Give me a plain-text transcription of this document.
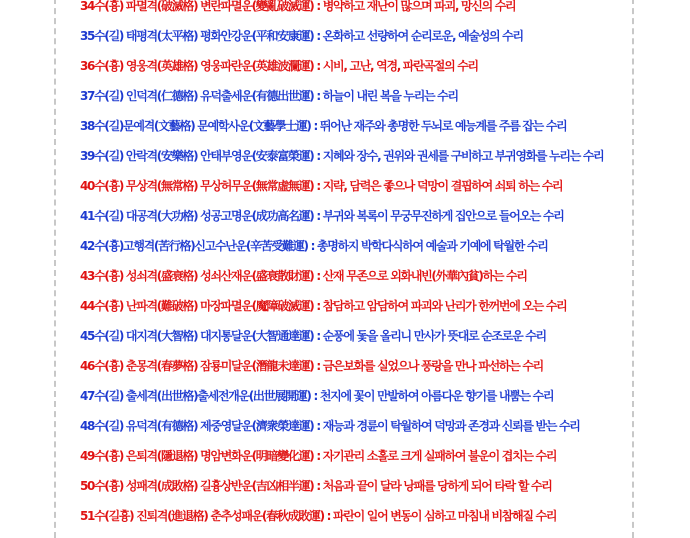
34수(흉) 파멸격(破滅格) 변란파멸운(變亂破滅運) : 병약하고 재난이 많으며 파괴, 망신의 수리
35수(길) 태평격(太平格) 평화안강운(平和安康運) : 온화하고 선량하여 순리로운, 예술성의 수리
36수(흉) 영웅격(英雄格) 영웅파란운(英雄波瀾運) : 시비, 고난, 역경, 파란곡절의 수리
37수(길) 인덕격(仁德格) 유덕출세운(有德出世運) : 하늘이 내린 복을 누리는 수리
38수(길)문예격(文藝格) 문예학사운(文藝學士運) : 뛰어난 재주와 총명한 두뇌로 예능계를 주름 잡는 수리
39수(길) 안락격(安樂格) 안태부영운(安泰富榮運) : 지혜와 장수, 권위와 권세를 구비하고 부귀영화를 누리는 수리
40수(흉) 무상격(無常格) 무상허무운(無常虛無運) : 지략, 담력은 좋으나 덕망이 결핍하여 쇠퇴 하는 수리
41수(길) 대공격(大功格) 성공고명운(成功高名運) : 부귀와 복록이 무궁무진하게 집안으로 들어오는 수리
42수(흉)고행격(苦行格)신고수난운(辛苦受難運) : 총명하지 박학다식하여 예술과 기예에 탁월한 수리
43수(흉) 성쇠격(盛衰格) 성쇠산재운(盛衰散財運) : 산재 무존으로 외화내빈(外華內貧)하는 수리
44수(흉) 난파격(難破格) 마장파멸운(魔障破滅運) : 참담하고 암담하여 파괴와 난리가 한꺼번에 오는 수리
45수(길) 대지격(大智格) 대지통달운(大智通達運) : 순풍에 돛을 올리니 만사가 뜻대로 순조로운 수리
46수(흉) 춘몽격(春夢格) 잠룡미달운(潛龍未達運) : 금은보화를 실었으나 풍랑을 만나 파선하는 수리
47수(길) 출세격(出世格)출세전개운(出世展開運) : 천지에 꽃이 만발하여 아름다운 향기를 내뿜는 수리
48수(길) 유덕격(有德格) 제중영달운(濟衆榮達運) : 재능과 경륜이 탁월하여 덕망과 존경과 신뢰를 받는 수리
49수(흉) 은퇴격(隱退格) 명암변화운(明暗變化運) : 자기관리 소홀로 크게 실패하여 불운이 겹치는 수리
50수(흉) 성패격(成敗格) 길흉상반운(吉凶相半運) : 처음과 끝이 달라 낭패를 당하게 되어 타락 할 수리
51수(길흉) 진퇴격(進退格) 춘추성패운(春秋成敗運) : 파란이 일어 변동이 심하고 마침내 비참해질 수리
